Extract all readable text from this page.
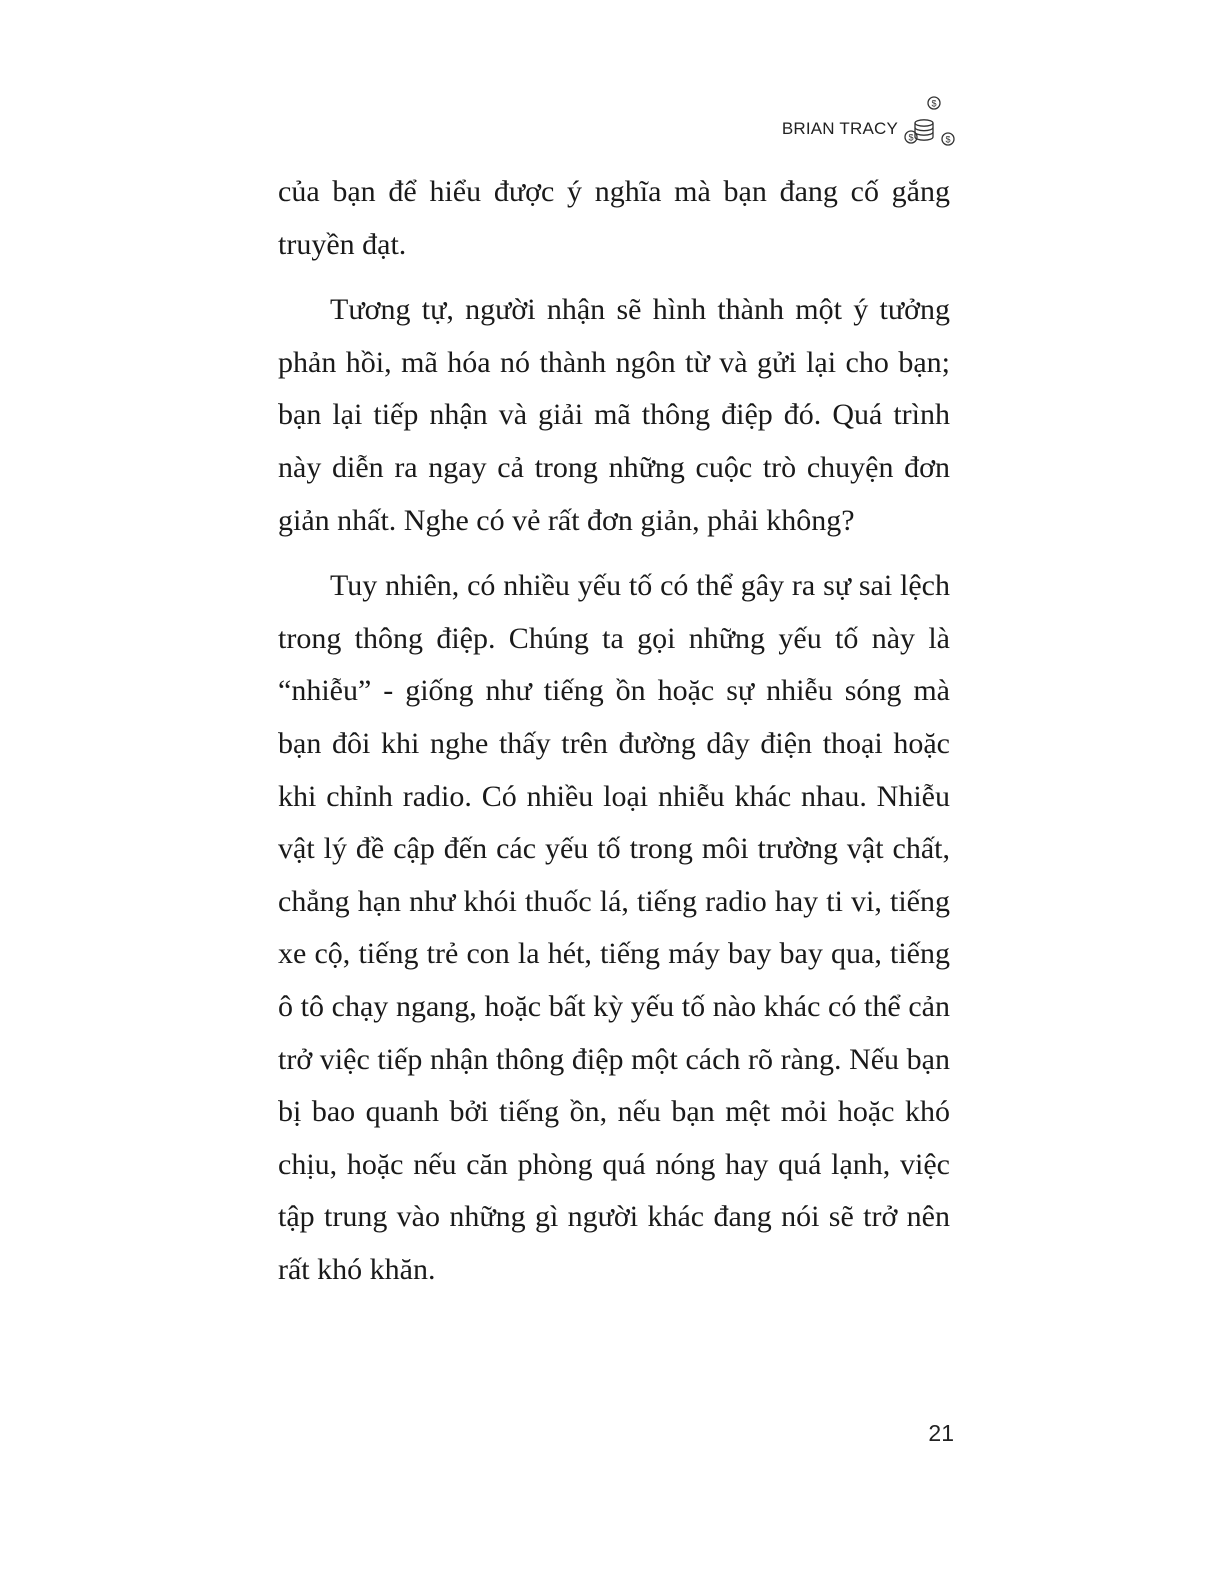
BRIAN TRACY
$
$	$

của bạn để hiểu được ý nghĩa mà bạn đang cố gắng truyền đạt.

Tương tự, người nhận sẽ hình thành một ý tưởng phản hồi, mã hóa nó thành ngôn từ và gửi lại cho bạn; bạn lại tiếp nhận và giải mã thông điệp đó. Quá trình này diễn ra ngay cả trong những cuộc trò chuyện đơn giản nhất. Nghe có vẻ rất đơn giản, phải không?

Tuy nhiên, có nhiều yếu tố có thể gây ra sự sai lệch trong thông điệp. Chúng ta gọi những yếu tố này là “nhiễu” - giống như tiếng ồn hoặc sự nhiễu sóng mà bạn đôi khi nghe thấy trên đường dây điện thoại hoặc khi chỉnh radio. Có nhiều loại nhiễu khác nhau. Nhiễu vật lý đề cập đến các yếu tố trong môi trường vật chất, chẳng hạn như khói thuốc lá, tiếng radio hay ti vi, tiếng xe cộ, tiếng trẻ con la hét, tiếng máy bay bay qua, tiếng ô tô chạy ngang, hoặc bất kỳ yếu tố nào khác có thể cản trở việc tiếp nhận thông điệp một cách rõ ràng. Nếu bạn bị bao quanh bởi tiếng ồn, nếu bạn mệt mỏi hoặc khó chịu, hoặc nếu căn phòng quá nóng hay quá lạnh, việc tập trung vào những gì người khác đang nói sẽ trở nên rất khó khăn.

21
